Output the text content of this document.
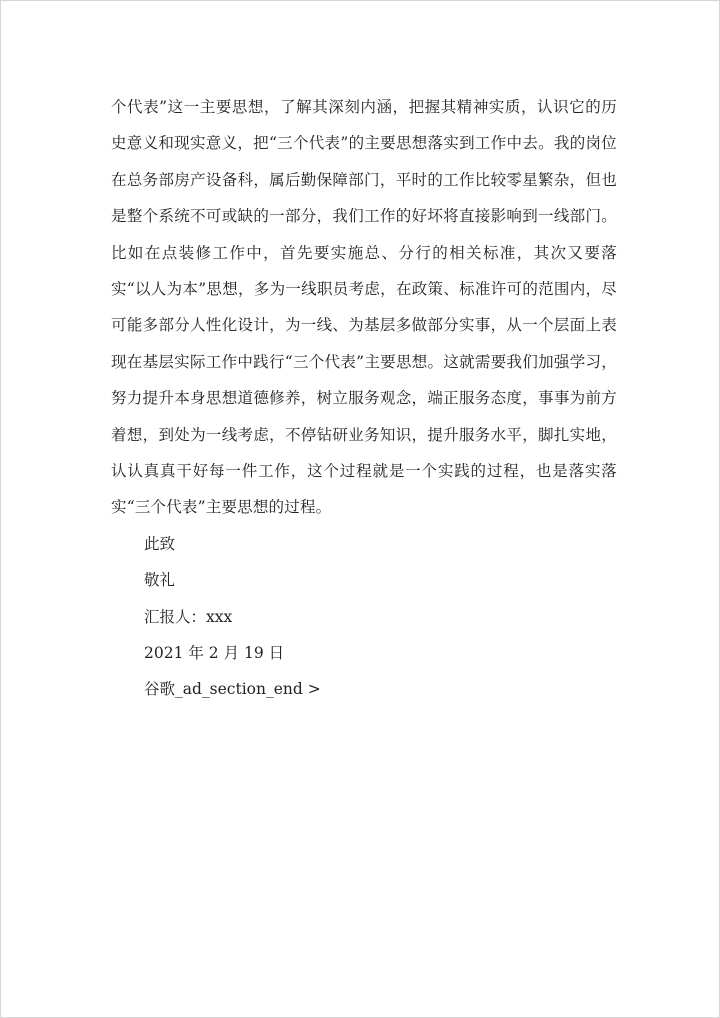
个代表”这一主要思想，了解其深刻内涵，把握其精神实质，认识它的历史意义和现实意义，把“三个代表”的主要思想落实到工作中去。我的岗位在总务部房产设备科，属后勤保障部门，平时的工作比较零星繁杂，但也是整个系统不可或缺的一部分，我们工作的好坏将直接影响到一线部门。比如在点装修工作中，首先要实施总、分行的相关标准，其次又要落实“以人为本”思想，多为一线职员考虑，在政策、标准许可的范围内，尽可能多部分人性化设计，为一线、为基层多做部分实事，从一个层面上表现在基层实际工作中践行“三个代表”主要思想。这就需要我们加强学习，努力提升本身思想道德修养，树立服务观念，端正服务态度，事事为前方着想，到处为一线考虑，不停钻研业务知识，提升服务水平，脚扎实地，认认真真干好每一件工作，这个过程就是一个实践的过程，也是落实落实“三个代表”主要思想的过程。

此致

敬礼

汇报人：xxx

2021 年 2 月 19 日

谷歌_ad_section_end >
